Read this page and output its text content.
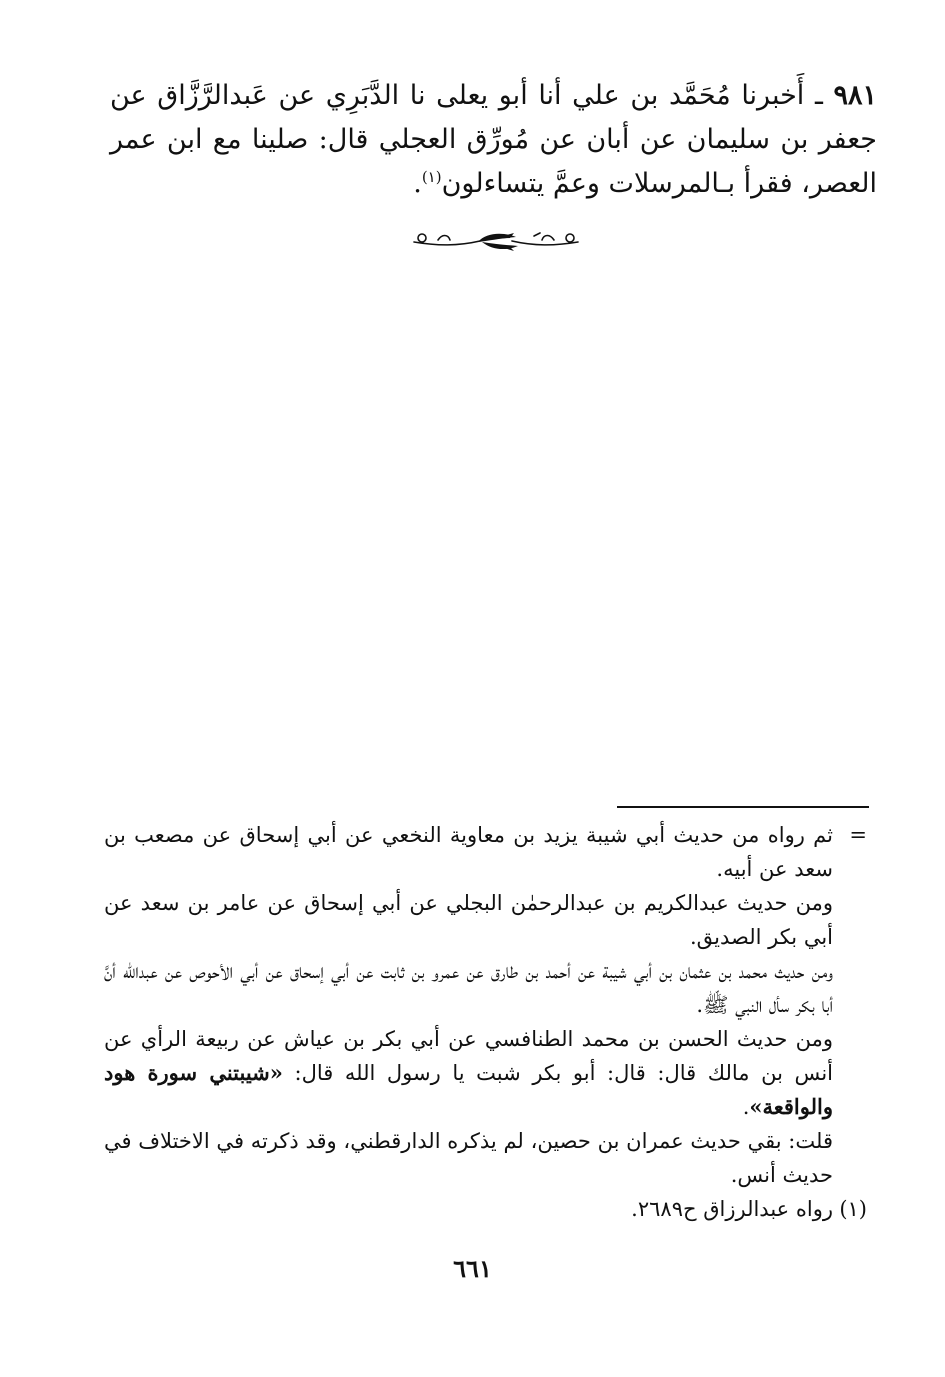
٩٨١ ـ أَخبرنا مُحَمَّد بن علي أنا أبو يعلى نا الدَّبَرِي عن عَبدالرَّزَّاق عن جعفر بن سليمان عن أبان عن مُورِّق العجلي قال: صلينا مع ابن عمر العصر، فقرأ بـالمرسلات وعمَّ يتساءلون$^{(١)}$.
=
ثم رواه من حديث أبي شيبة يزيد بن معاوية النخعي عن أبي إسحاق عن مصعب بن سعد عن أبيه.
ومن حديث عبدالكريم بن عبدالرحمٰن البجلي عن أبي إسحاق عن عامر بن سعد عن أبي بكر الصديق.
ومن حديث محمد بن عثمان بن أبي شيبة عن أحمد بن طارق عن عمرو بن ثابت عن أبي إسحاق عن أبي الأحوص عن عبدالله أنَّ أبا بكر سأل النبي ﷺ.
ومن حديث الحسن بن محمد الطنافسي عن أبي بكر بن عياش عن ربيعة الرأي عن أنس بن مالك قال: قال: أبو بكر شبت يا رسول الله قال: «شيبتني سورة هود والواقعة».
قلت: بقي حديث عمران بن حصين، لم يذكره الدارقطني، وقد ذكرته في الاختلاف في حديث أنس.
(١)
رواه عبدالرزاق ح٢٦٨٩.
٦٦١
